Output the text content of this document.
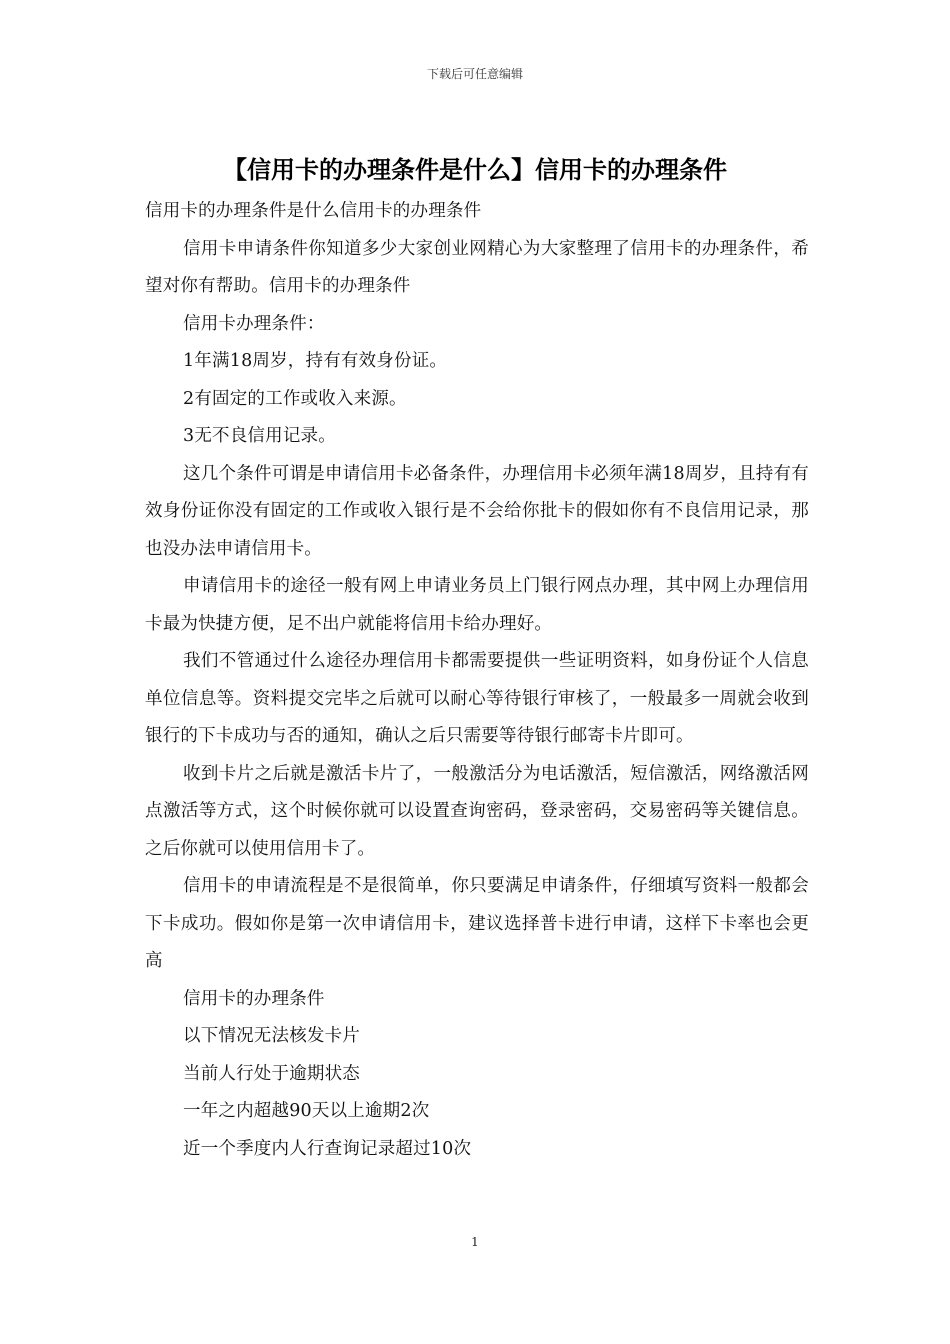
下载后可任意编辑
【信用卡的办理条件是什么】信用卡的办理条件

信用卡的办理条件是什么信用卡的办理条件

信用卡申请条件你知道多少大家创业网精心为大家整理了信用卡的办理条件，希望对你有帮助。信用卡的办理条件

信用卡办理条件：

1年满18周岁，持有有效身份证。

2有固定的工作或收入来源。

3无不良信用记录。

这几个条件可谓是申请信用卡必备条件，办理信用卡必须年满18周岁，且持有有效身份证你没有固定的工作或收入银行是不会给你批卡的假如你有不良信用记录，那也没办法申请信用卡。

申请信用卡的途径一般有网上申请业务员上门银行网点办理，其中网上办理信用卡最为快捷方便，足不出户就能将信用卡给办理好。

我们不管通过什么途径办理信用卡都需要提供一些证明资料，如身份证个人信息单位信息等。资料提交完毕之后就可以耐心等待银行审核了，一般最多一周就会收到银行的下卡成功与否的通知，确认之后只需要等待银行邮寄卡片即可。

收到卡片之后就是激活卡片了，一般激活分为电话激活，短信激活，网络激活网点激活等方式，这个时候你就可以设置查询密码，登录密码，交易密码等关键信息。之后你就可以使用信用卡了。

信用卡的申请流程是不是很简单，你只要满足申请条件，仔细填写资料一般都会下卡成功。假如你是第一次申请信用卡，建议选择普卡进行申请，这样下卡率也会更高

信用卡的办理条件

以下情况无法核发卡片

当前人行处于逾期状态

一年之内超越90天以上逾期2次

近一个季度内人行查询记录超过10次

1
